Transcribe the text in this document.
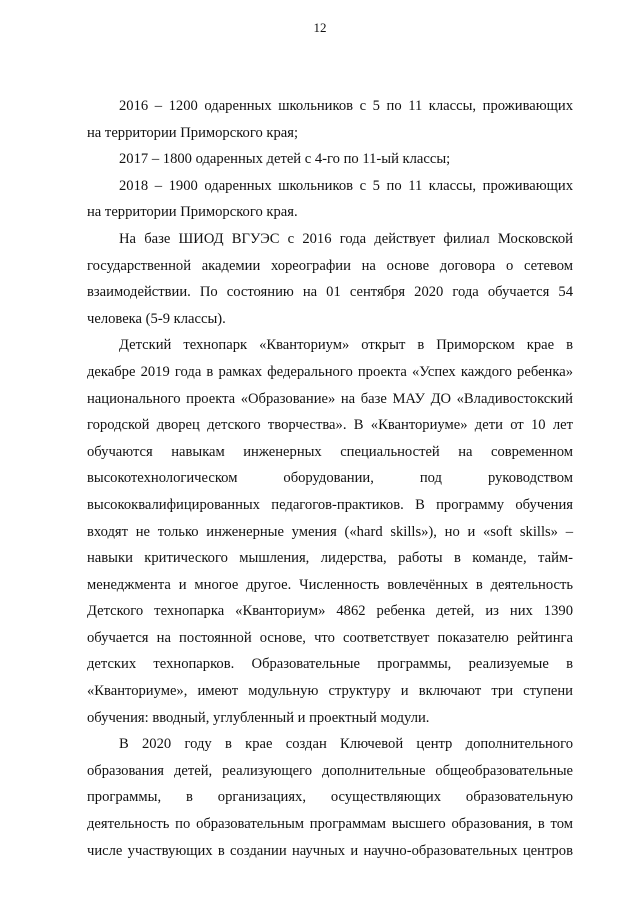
12
2016 – 1200 одаренных школьников с 5 по 11 классы, проживающих
на территории Приморского края;
2017 – 1800 одаренных детей с 4-го по 11-ый классы;
2018 – 1900 одаренных школьников с 5 по 11 классы, проживающих
на территории Приморского края.
На базе ШИОД ВГУЭС с 2016 года действует филиал Московской
государственной академии хореографии на основе договора о сетевом
взаимодействии. По состоянию на 01 сентября 2020 года обучается 54
человека (5-9 классы).
Детский технопарк «Кванториум» открыт в Приморском крае в
декабре 2019 года в рамках федерального проекта «Успех каждого ребенка»
национального проекта «Образование» на базе МАУ ДО «Владивостокский
городской дворец детского творчества». В «Кванториуме» дети от 10 лет
обучаются навыкам инженерных специальностей на современном
высокотехнологическом оборудовании, под руководством
высококвалифицированных педагогов-практиков. В программу обучения
входят не только инженерные умения («hard skills»), но и «soft skills» –
навыки критического мышления, лидерства, работы в команде, тайм-
менеджмента и многое другое. Численность вовлечённых в деятельность
Детского технопарка «Кванториум» 4862 ребенка детей, из них 1390
обучается на постоянной основе, что соответствует показателю рейтинга
детских технопарков. Образовательные программы, реализуемые в
«Кванториуме», имеют модульную структуру и включают три ступени
обучения: вводный, углубленный и проектный модули.
В 2020 году в крае создан Ключевой центр дополнительного
образования детей, реализующего дополнительные общеобразовательные
программы, в организациях, осуществляющих образовательную
деятельность по образовательным программам высшего образования, в том
числе участвующих в создании научных и научно-образовательных центров
